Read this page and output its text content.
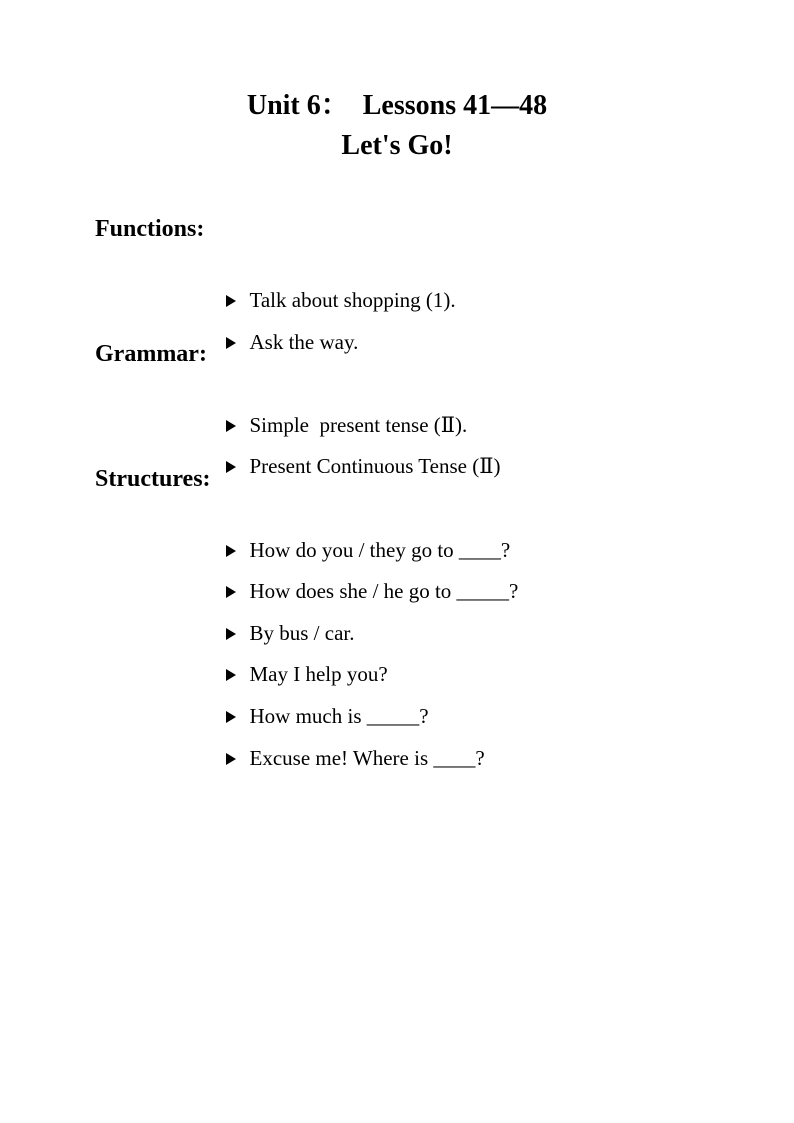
Unit 6：  Lessons 41—48
Let's Go!
Functions:

Talk about shopping (1).

Ask the way.

Grammar:

Simple  present tense (Ⅱ).

Present Continuous Tense (Ⅱ)

Structures:

How do you / they go to ____?

How does she / he go to _____?

By bus / car.

May I help you?

How much is _____?

Excuse me! Where is ____?
